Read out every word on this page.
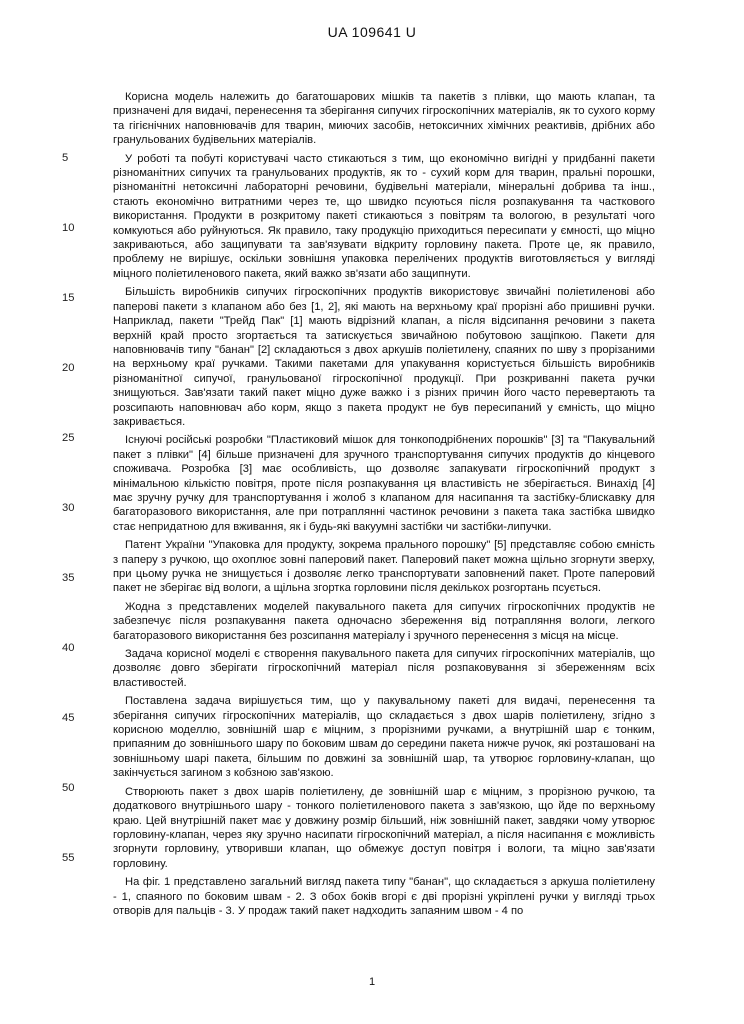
UA 109641 U
5
10
15
20
25
30
35
40
45
50
55

Корисна модель належить до багатошарових мішків та пакетів з плівки, що мають клапан, та призначені для видачі, перенесення та зберігання сипучих гігроскопічних матеріалів, як то сухого корму та гігієнічних наповнювачів для тварин, миючих засобів, нетоксичних хімічних реактивів, дрібних або гранульованих будівельних матеріалів.

У роботі та побуті користувачі часто стикаються з тим, що економічно вигідні у придбанні пакети різноманітних сипучих та гранульованих продуктів, як то - сухий корм для тварин, пральні порошки, різноманітні нетоксичні лабораторні речовини, будівельні матеріали, мінеральні добрива та інш., стають економічно витратними через те, що швидко псуються після розпакування та часткового використання. Продукти в розкритому пакеті стикаються з повітрям та вологою, в результаті чого комкуються або руйнуються. Як правило, таку продукцію приходиться пересипати у ємності, що міцно закриваються, або защипувати та зав'язувати відкриту горловину пакета. Проте це, як правило, проблему не вирішує, оскільки зовнішня упаковка перелічених продуктів виготовляється у вигляді міцного поліетиленового пакета, який важко зв'язати або защипнути.

Більшість виробників сипучих гігроскопічних продуктів використовує звичайні поліетиленові або паперові пакети з клапаном або без [1, 2], які мають на верхньому краї прорізні або пришивні ручки. Наприклад, пакети "Трейд Пак" [1] мають відрізний клапан, а після відсипання речовини з пакета верхній край просто згортається та затискується звичайною побутовою защіпкою. Пакети для наповнювачів типу "банан" [2] складаються з двох аркушів поліетилену, спаяних по шву з прорізаними на верхньому краї ручками. Такими пакетами для упакування користується більшість виробників різноманітної сипучої, гранульованої гігроскопічної продукції. При розкриванні пакета ручки знищуються. Зав'язати такий пакет міцно дуже важко і з різних причин його часто перевертають та розсипають наповнювач або корм, якщо з пакета продукт не був пересипаний у ємність, що міцно закривається.

Існуючі російські розробки "Пластиковий мішок для тонкоподрібнених порошків" [3] та "Пакувальний пакет з плівки" [4] більше призначені для зручного транспортування сипучих продуктів до кінцевого споживача. Розробка [3] має особливість, що дозволяє запакувати гігроскопічний продукт з мінімальною кількістю повітря, проте після розпакування ця властивість не зберігається. Винахід [4] має зручну ручку для транспортування і жолоб з клапаном для насипання та застібку-блискавку для багаторазового використання, але при потраплянні частинок речовини з пакета така застібка швидко стає непридатною для вживання, як і будь-які вакуумні застібки чи застібки-липучки.

Патент України "Упаковка для продукту, зокрема пральнoго порошку" [5] представляє собою ємність з паперу з ручкою, що охоплює зовні паперовий пакет. Паперовий пакет можна щільно згорнути зверху, при цьому ручка не знищується і дозволяє легко транспортувати заповнений пакет. Проте паперовий пакет не зберігає від вологи, а щільна згортка горловини після декількох розгортань псується.

Жодна з представлених моделей пакувального пакета для сипучих гігроскопічних продуктів не забезпечує після розпакування пакета одночасно збереження від потрапляння вологи, легкого багаторазового використання без розсипання матеріалу і зручного перенесення з місця на місце.

Задача корисної моделі є створення пакувального пакета для сипучих гігроскопічних матеріалів, що дозволяє довго зберігати гігроскопічний матеріал після розпаковування зі збереженням всіх властивостей.

Поставлена задача вирішується тим, що у пакувальному пакеті для видачі, перенесення та зберігання сипучих гігроскопічних матеріалів, що складається з двох шарів поліетилену, згідно з корисною моделлю, зовнішній шар є міцним, з прорізними ручками, а внутрішній шар є тонким, припаяним до зовнішнього шару по боковим швам до середини пакета нижче ручок, які розташовані на зовнішньому шарі пакета, більшим по довжині за зовнішній шар, та утворює горловину-клапан, що закінчується загином з кобзною зав'язкою.

Створюють пакет з двох шарів поліетилену, де зовнішній шар є міцним, з прорізною ручкою, та додаткового внутрішнього шару - тонкого поліетиленового пакета з зав'язкою, що йде по верхньому краю. Цей внутрішній пакет має у довжину розмір більший, ніж зовнішній пакет, завдяки чому утворює горловину-клапан, через яку зручно насипати гігроскопічний матеріал, а після насипання є можливість згорнути горловину, утворивши клапан, що обмежує доступ повітря і вологи, та міцно зав'язати горловину.

На фіг. 1 представлено загальний вигляд пакета типу "банан", що складається з аркуша поліетилену - 1, спаяного по боковим швам - 2. З обох боків вгорі є дві прорізні укріплені ручки у вигляді трьох отворів для пальців - 3. У продаж такий пакет надходить запаяним швом - 4 по

1
